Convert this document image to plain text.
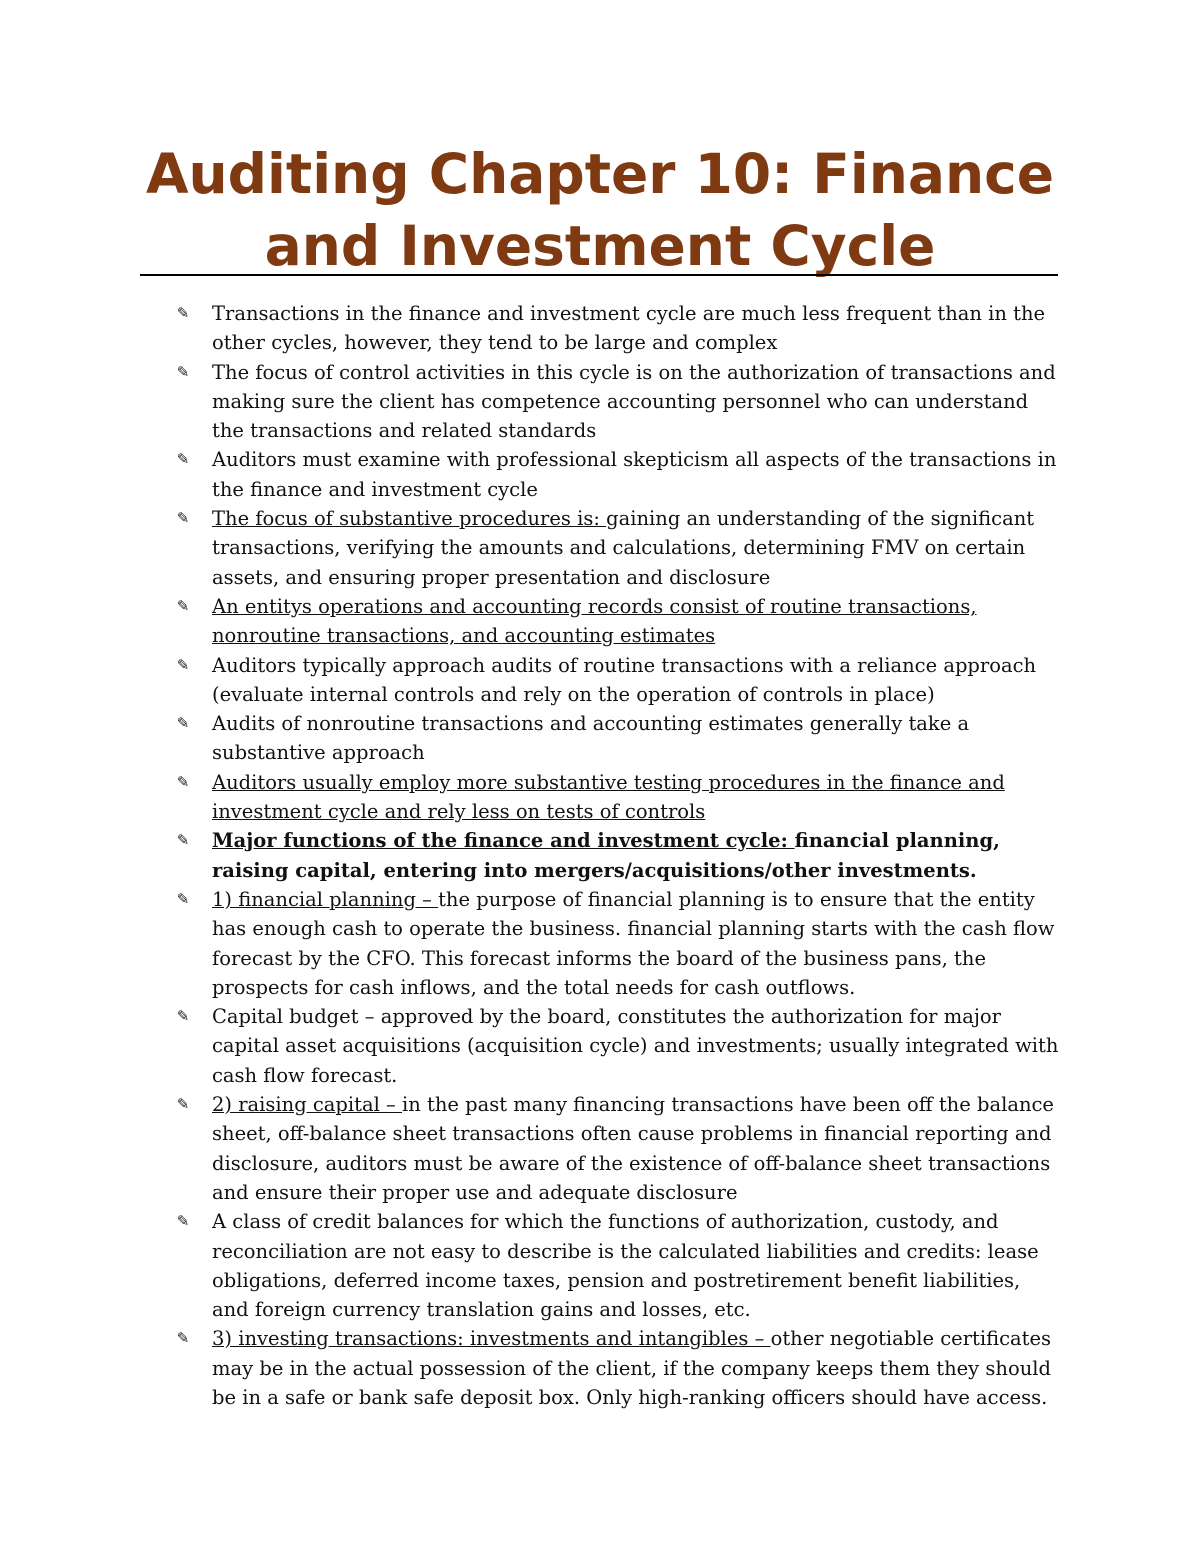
Auditing Chapter 10: Finance and Investment Cycle
✎ Transactions in the finance and investment cycle are much less frequent than in the other cycles, however, they tend to be large and complex
✎ The focus of control activities in this cycle is on the authorization of transactions and making sure the client has competence accounting personnel who can understand the transactions and related standards
✎ Auditors must examine with professional skepticism all aspects of the transactions in the finance and investment cycle
✎ The focus of substantive procedures is: gaining an understanding of the significant transactions, verifying the amounts and calculations, determining FMV on certain assets, and ensuring proper presentation and disclosure
✎ An entitys operations and accounting records consist of routine transactions, nonroutine transactions, and accounting estimates
✎ Auditors typically approach audits of routine transactions with a reliance approach (evaluate internal controls and rely on the operation of controls in place)
✎ Audits of nonroutine transactions and accounting estimates generally take a substantive approach
✎ Auditors usually employ more substantive testing procedures in the finance and investment cycle and rely less on tests of controls
✎ Major functions of the finance and investment cycle: financial planning, raising capital, entering into mergers/acquisitions/other investments.
✎ 1) financial planning – the purpose of financial planning is to ensure that the entity has enough cash to operate the business. financial planning starts with the cash flow forecast by the CFO. This forecast informs the board of the business pans, the prospects for cash inflows, and the total needs for cash outflows.
✎ Capital budget – approved by the board, constitutes the authorization for major capital asset acquisitions (acquisition cycle) and investments; usually integrated with cash flow forecast.
✎ 2) raising capital – in the past many financing transactions have been off the balance sheet, off-balance sheet transactions often cause problems in financial reporting and disclosure, auditors must be aware of the existence of off-balance sheet transactions and ensure their proper use and adequate disclosure
✎ A class of credit balances for which the functions of authorization, custody, and reconciliation are not easy to describe is the calculated liabilities and credits: lease obligations, deferred income taxes, pension and postretirement benefit liabilities, and foreign currency translation gains and losses, etc.
✎ 3) investing transactions: investments and intangibles – other negotiable certificates may be in the actual possession of the client, if the company keeps them they should be in a safe or bank safe deposit box. Only high-ranking officers should have access.
